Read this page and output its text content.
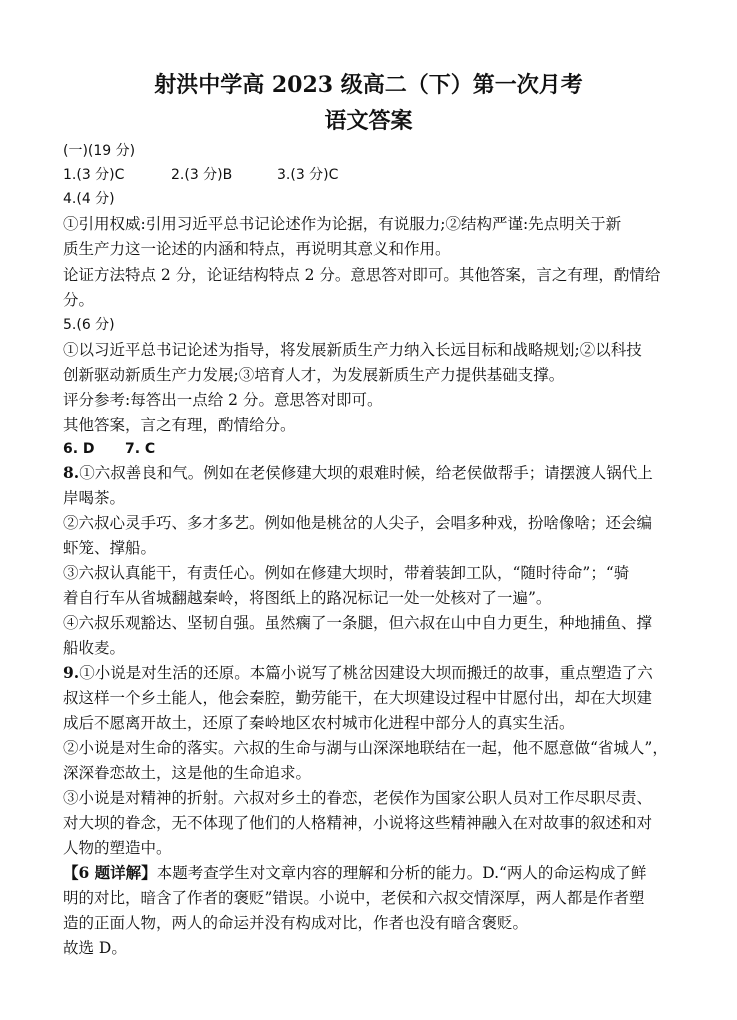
射洪中学高 2023 级高二（下）第一次月考
语文答案
(一)(19 分)
1.(3 分)C	2.(3 分)B	3.(3 分)C
4.(4 分)
①引用权威:引用习近平总书记论述作为论据，有说服力;②结构严谨:先点明关于新
质生产力这一论述的内涵和特点，再说明其意义和作用。
论证方法特点 2 分，论证结构特点 2 分。意思答对即可。其他答案，言之有理，酌情给
分。
5.(6 分)
①以习近平总书记论述为指导，将发展新质生产力纳入长远目标和战略规划;②以科技
创新驱动新质生产力发展;③培育人才，为发展新质生产力提供基础支撑。
评分参考:每答出一点给 2 分。意思答对即可。
其他答案，言之有理，酌情给分。
6. D 7. C
8.①六叔善良和气。例如在老侯修建大坝的艰难时候，给老侯做帮手；请摆渡人锅代上
岸喝茶。
②六叔心灵手巧、多才多艺。例如他是桃岔的人尖子，会唱多种戏，扮啥像啥；还会编
虾笼、撑船。
③六叔认真能干，有责任心。例如在修建大坝时，带着装卸工队，“随时待命”；“骑
着自行车从省城翻越秦岭，将图纸上的路况标记一处一处核对了一遍”。
④六叔乐观豁达、坚韧自强。虽然瘸了一条腿，但六叔在山中自力更生，种地捕鱼、撑
船收麦。
9.①小说是对生活的还原。本篇小说写了桃岔因建设大坝而搬迁的故事，重点塑造了六
叔这样一个乡土能人，他会秦腔，勤劳能干，在大坝建设过程中甘愿付出，却在大坝建
成后不愿离开故土，还原了秦岭地区农村城市化进程中部分人的真实生活。
②小说是对生命的落实。六叔的生命与湖与山深深地联结在一起，他不愿意做“省城人”，
深深眷恋故土，这是他的生命追求。
③小说是对精神的折射。六叔对乡土的眷恋，老侯作为国家公职人员对工作尽职尽责、
对大坝的眷念，无不体现了他们的人格精神，小说将这些精神融入在对故事的叙述和对
人物的塑造中。
【6 题详解】本题考查学生对文章内容的理解和分析的能力。D.“两人的命运构成了鲜
明的对比，暗含了作者的褒贬”错误。小说中，老侯和六叔交情深厚，两人都是作者塑
造的正面人物，两人的命运并没有构成对比，作者也没有暗含褒贬。
故选 D。
